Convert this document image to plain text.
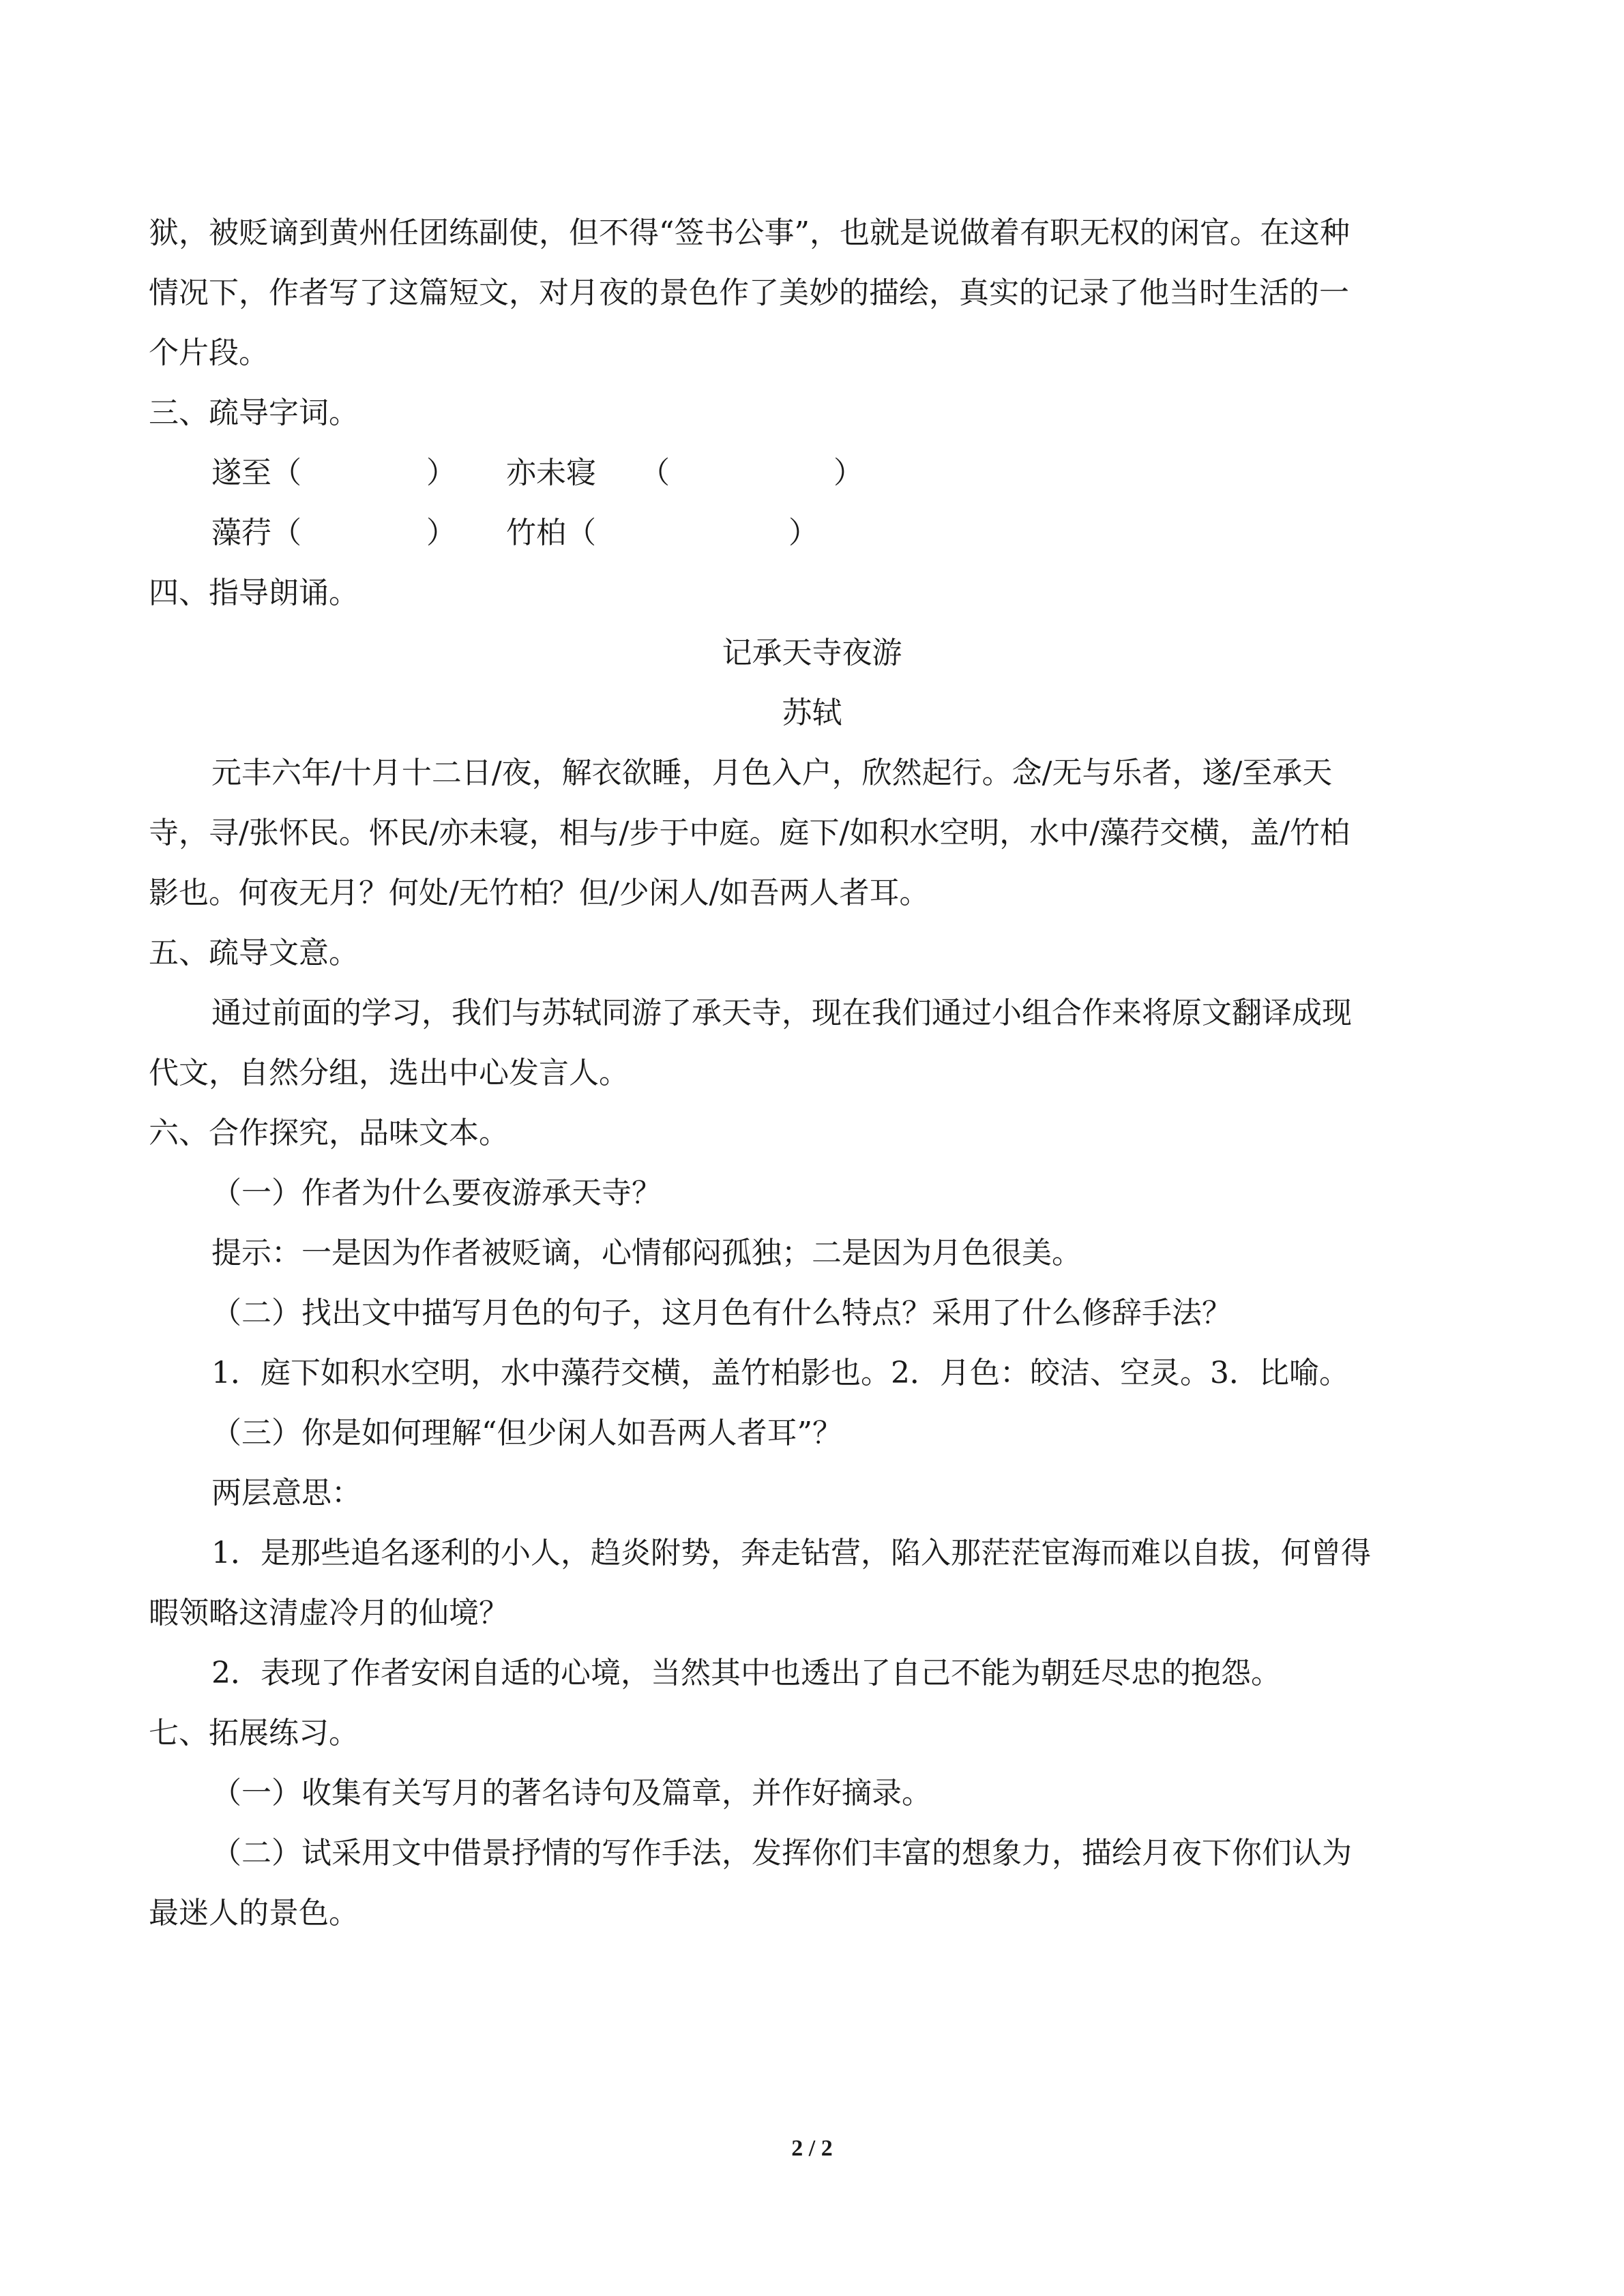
狱，被贬谪到黄州任团练副使，但不得“签书公事”，也就是说做着有职无权的闲官。在这种
情况下，作者写了这篇短文，对月夜的景色作了美妙的描绘，真实的记录了他当时生活的一
个片段。
三、疏导字词。
遂至（	） 亦未寝 （	）
藻荇（	） 竹柏（	）
四、指导朗诵。
记承天寺夜游
苏轼
元丰六年/十月十二日/夜，解衣欲睡，月色入户，欣然起行。念/无与乐者，遂/至承天
寺，寻/张怀民。怀民/亦未寝，相与/步于中庭。庭下/如积水空明，水中/藻荇交横，盖/竹柏
影也。何夜无月？何处/无竹柏？但/少闲人/如吾两人者耳。
五、疏导文意。
通过前面的学习，我们与苏轼同游了承天寺，现在我们通过小组合作来将原文翻译成现
代文，自然分组，选出中心发言人。
六、合作探究，品味文本。
（一）作者为什么要夜游承天寺？
提示：一是因为作者被贬谪，心情郁闷孤独；二是因为月色很美。
（二）找出文中描写月色的句子，这月色有什么特点？采用了什么修辞手法？
1．庭下如积水空明，水中藻荇交横，盖竹柏影也。2．月色：皎洁、空灵。3．比喻。
（三）你是如何理解“但少闲人如吾两人者耳”？
两层意思：
1．是那些追名逐利的小人，趋炎附势，奔走钻营，陷入那茫茫宦海而难以自拔，何曾得
暇领略这清虚冷月的仙境？
2．表现了作者安闲自适的心境，当然其中也透出了自己不能为朝廷尽忠的抱怨。
七、拓展练习。
（一）收集有关写月的著名诗句及篇章，并作好摘录。
（二）试采用文中借景抒情的写作手法，发挥你们丰富的想象力，描绘月夜下你们认为
最迷人的景色。
2 / 2
